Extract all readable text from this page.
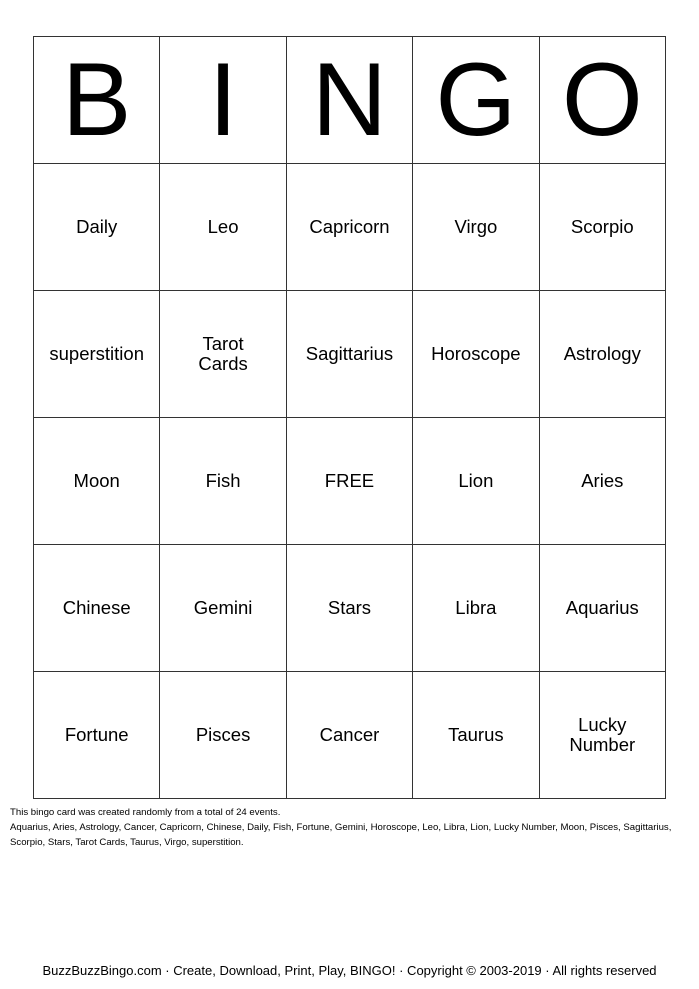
B	I	N	G	O
Daily	Leo	Capricorn	Virgo	Scorpio
superstition	Tarot Cards	Sagittarius	Horoscope	Astrology
Moon	Fish	FREE	Lion	Aries
Chinese	Gemini	Stars	Libra	Aquarius
Fortune	Pisces	Cancer	Taurus	Lucky Number
This bingo card was created randomly from a total of 24 events.
Aquarius, Aries, Astrology, Cancer, Capricorn, Chinese, Daily, Fish, Fortune, Gemini, Horoscope, Leo, Libra, Lion, Lucky Number, Moon, Pisces, Sagittarius, Scorpio, Stars, Tarot Cards, Taurus, Virgo, superstition.
BuzzBuzzBingo.com · Create, Download, Print, Play, BINGO! · Copyright © 2003-2019 · All rights reserved
